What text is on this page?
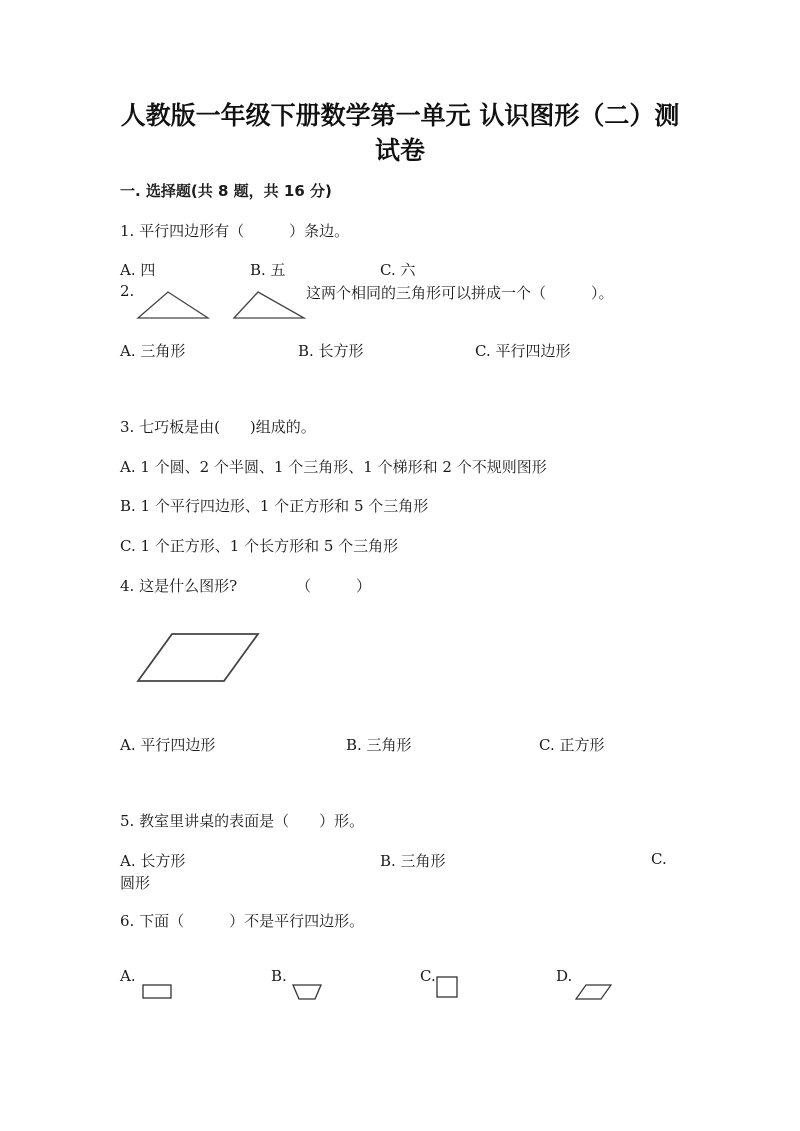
人教版一年级下册数学第一单元 认识图形（二）测
试卷
一. 选择题(共 8 题，共 16 分)
1. 平行四边形有（　　　）条边。
A. 四	B. 五	C. 六
2.	这两个相同的三角形可以拼成一个（　　　）。
A. 三角形	B. 长方形	C. 平行四边形
3. 七巧板是由(　　)组成的。
A. 1 个圆、2 个半圆、1 个三角形、1 个梯形和 2 个不规则图形
B. 1 个平行四边形、1 个正方形和 5 个三角形
C. 1 个正方形、1 个长方形和 5 个三角形
4. 这是什么图形?	（　　　）
A. 平行四边形	B. 三角形	C. 正方形
5. 教室里讲桌的表面是（　　）形。
A. 长方形	B. 三角形	C.
圆形
6. 下面（　　　）不是平行四边形。
A.	B.	C.	D.
